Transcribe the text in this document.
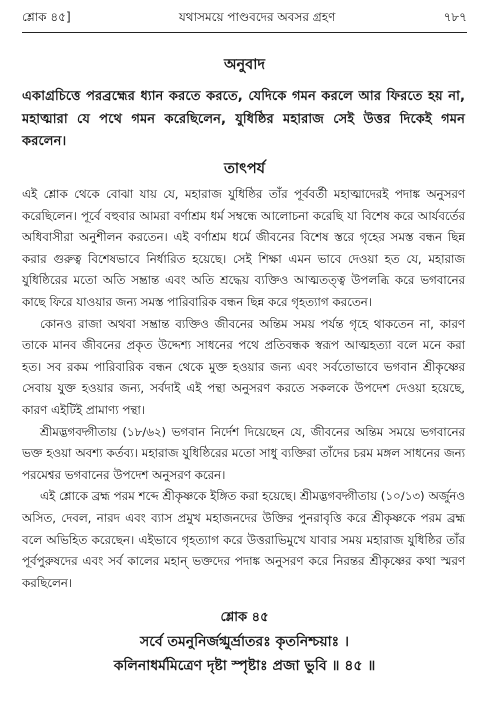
শ্লোক ৪৫]	যথাসময়ে পাণ্ডবদের অবসর গ্রহণ	৭৮৭
অনুবাদ
একাগ্রচিত্তে পরব্রহ্মের ধ্যান করতে করতে, যেদিকে গমন করলে আর ফিরতে হয় না, মহাত্মারা যে পথে গমন করেছিলেন, যুধিষ্ঠির মহারাজ সেই উত্তর দিকেই গমন করলেন।
তাৎপর্য

এই শ্লোক থেকে বোঝা যায় যে, মহারাজ যুধিষ্ঠির তাঁর পূর্ববর্তী মহাত্মাদেরই পদাঙ্ক অনুসরণ করেছিলেন। পূর্বে বহুবার আমরা বর্ণাশ্রম ধর্ম সম্বন্ধে আলোচনা করেছি যা বিশেষ করে আর্যবর্তের অধিবাসীরা অনুশীলন করতেন। এই বর্ণাশ্রম ধর্মে জীবনের বিশেষ স্তরে গৃহের সমস্ত বন্ধন ছিন্ন করার গুরুত্ব বিশেষভাবে নির্ধারিত হয়েছে। সেই শিক্ষা এমন ভাবে দেওয়া হত যে, মহারাজ যুধিষ্ঠিরের মতো অতি সম্ভ্রান্ত এবং অতি শ্রদ্ধেয় ব্যক্তিও আত্মতত্ত্ব উপলব্ধি করে ভগবানের কাছে ফিরে যাওয়ার জন্য সমস্ত পারিবারিক বন্ধন ছিন্ন করে গৃহত্যাগ করতেন।

কোনও রাজা অথবা সম্ভ্রান্ত ব্যক্তিও জীবনের অন্তিম সময় পর্যন্ত গৃহে থাকতেন না, কারণ তাকে মানব জীবনের প্রকৃত উদ্দেশ্য সাধনের পথে প্রতিবন্ধক স্বরূপ আত্মহত্যা বলে মনে করা হত। সব রকম পারিবারিক বন্ধন থেকে মুক্ত হওয়ার জন্য এবং সর্বতোভাবে ভগবান শ্রীকৃষ্ণের সেবায় যুক্ত হওয়ার জন্য, সর্বদাই এই পন্থা অনুসরণ করতে সকলকে উপদেশ দেওয়া হয়েছে, কারণ এইটিই প্রামাণ্য পন্থা।

শ্রীমদ্ভগবদ্গীতায় (১৮/৬২) ভগবান নির্দেশ দিয়েছেন যে, জীবনের অন্তিম সময়ে ভগবানের ভক্ত হওয়া অবশ্য কর্তব্য। মহারাজ যুধিষ্ঠিরের মতো সাধু ব্যক্তিরা তাঁদের চরম মঙ্গল সাধনের জন্য পরমেশ্বর ভগবানের উপদেশ অনুসরণ করেন।

এই শ্লোকে ব্রহ্ম পরম শব্দে শ্রীকৃষ্ণকে ইঙ্গিত করা হয়েছে। শ্রীমদ্ভগবদ্গীতায় (১০/১৩) অর্জুনও অসিত, দেবল, নারদ এবং ব্যাস প্রমুখ মহাজনদের উক্তির পুনরাবৃত্তি করে শ্রীকৃষ্ণকে পরম ব্রহ্ম বলে অভিহিত করেছেন। এইভাবে গৃহত্যাগ করে উত্তরাভিমুখে যাবার সময় মহারাজ যুধিষ্ঠির তাঁর পূর্বপুরুষদের এবং সর্ব কালের মহান্ ভক্তদের পদাঙ্ক অনুসরণ করে নিরন্তর শ্রীকৃষ্ণের কথা স্মরণ করছিলেন।

শ্লোক ৪৫
সর্বে তমনুনির্জগ্মুর্ভ্রাতরঃ কৃতনিশ্চয়াঃ ।
কলিনাধর্মমিত্রেণ দৃষ্টা স্পৃষ্টাঃ প্রজা ভুবি ॥ ৪৫ ॥
